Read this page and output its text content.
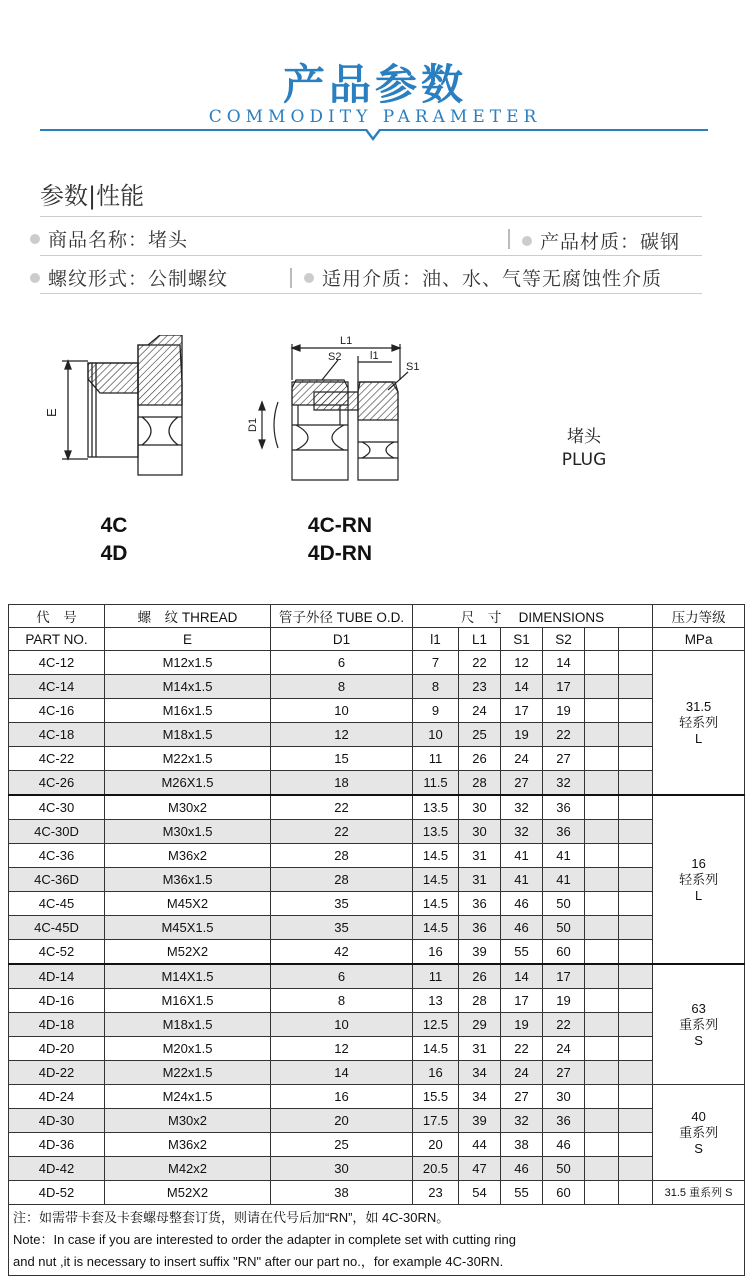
产品参数
COMMODITY PARAMETER
参数|性能
商品名称：堵头	产品材质：碳钢
螺纹形式：公制螺纹	适用介质：油、水、气等无腐蚀性介质
E
4C
4D
L1
S2	l1
S1
D1
4C-RN
4D-RN
堵头
PLUG
代　号	螺　纹 THREAD	管子外径 TUBE O.D.	尺　寸　 DIMENSIONS						压力等级
PART NO.	E	D1	l1	L1	S1	S2			MPa
4C-12	M12x1.5	6	7	22	12	14			31.5
轻系列
L

4C-14	M14x1.5	8	8	23	14	17			
4C-16	M16x1.5	10	9	24	17	19			
4C-18	M18x1.5	12	10	25	19	22			
4C-22	M22x1.5	15	11	26	24	27			
4C-26	M26X1.5	18	11.5	28	27	32			
4C-30	M30x2	22	13.5	30	32	36			16
轻系列
L

4C-30D	M30x1.5	22	13.5	30	32	36			
4C-36	M36x2	28	14.5	31	41	41			
4C-36D	M36x1.5	28	14.5	31	41	41			
4C-45	M45X2	35	14.5	36	46	50			
4C-45D	M45X1.5	35	14.5	36	46	50			
4C-52	M52X2	42	16	39	55	60			
4D-14	M14X1.5	6	11	26	14	17			63
重系列
S

4D-16	M16X1.5	8	13	28	17	19			
4D-18	M18x1.5	10	12.5	29	19	22			
4D-20	M20x1.5	12	14.5	31	22	24			
4D-22	M22x1.5	14	16	34	24	27			
4D-24	M24x1.5	16	15.5	34	27	30			40
重系列
S

4D-30	M30x2	20	17.5	39	32	36			
4D-36	M36x2	25	20	44	38	46			
4D-42	M42x2	30	20.5	47	46	50			
4D-52	M52X2	38	23	54	55	60			31.5 重系列 S

注：如需带卡套及卡套螺母整套订货，则请在代号后加“RN”，如 4C-30RN。
Note：In case if you are interested to order the adapter in complete set with cutting ring
and nut ,it is necessary to insert suffix "RN" after our part no.，for example 4C-30RN.									
